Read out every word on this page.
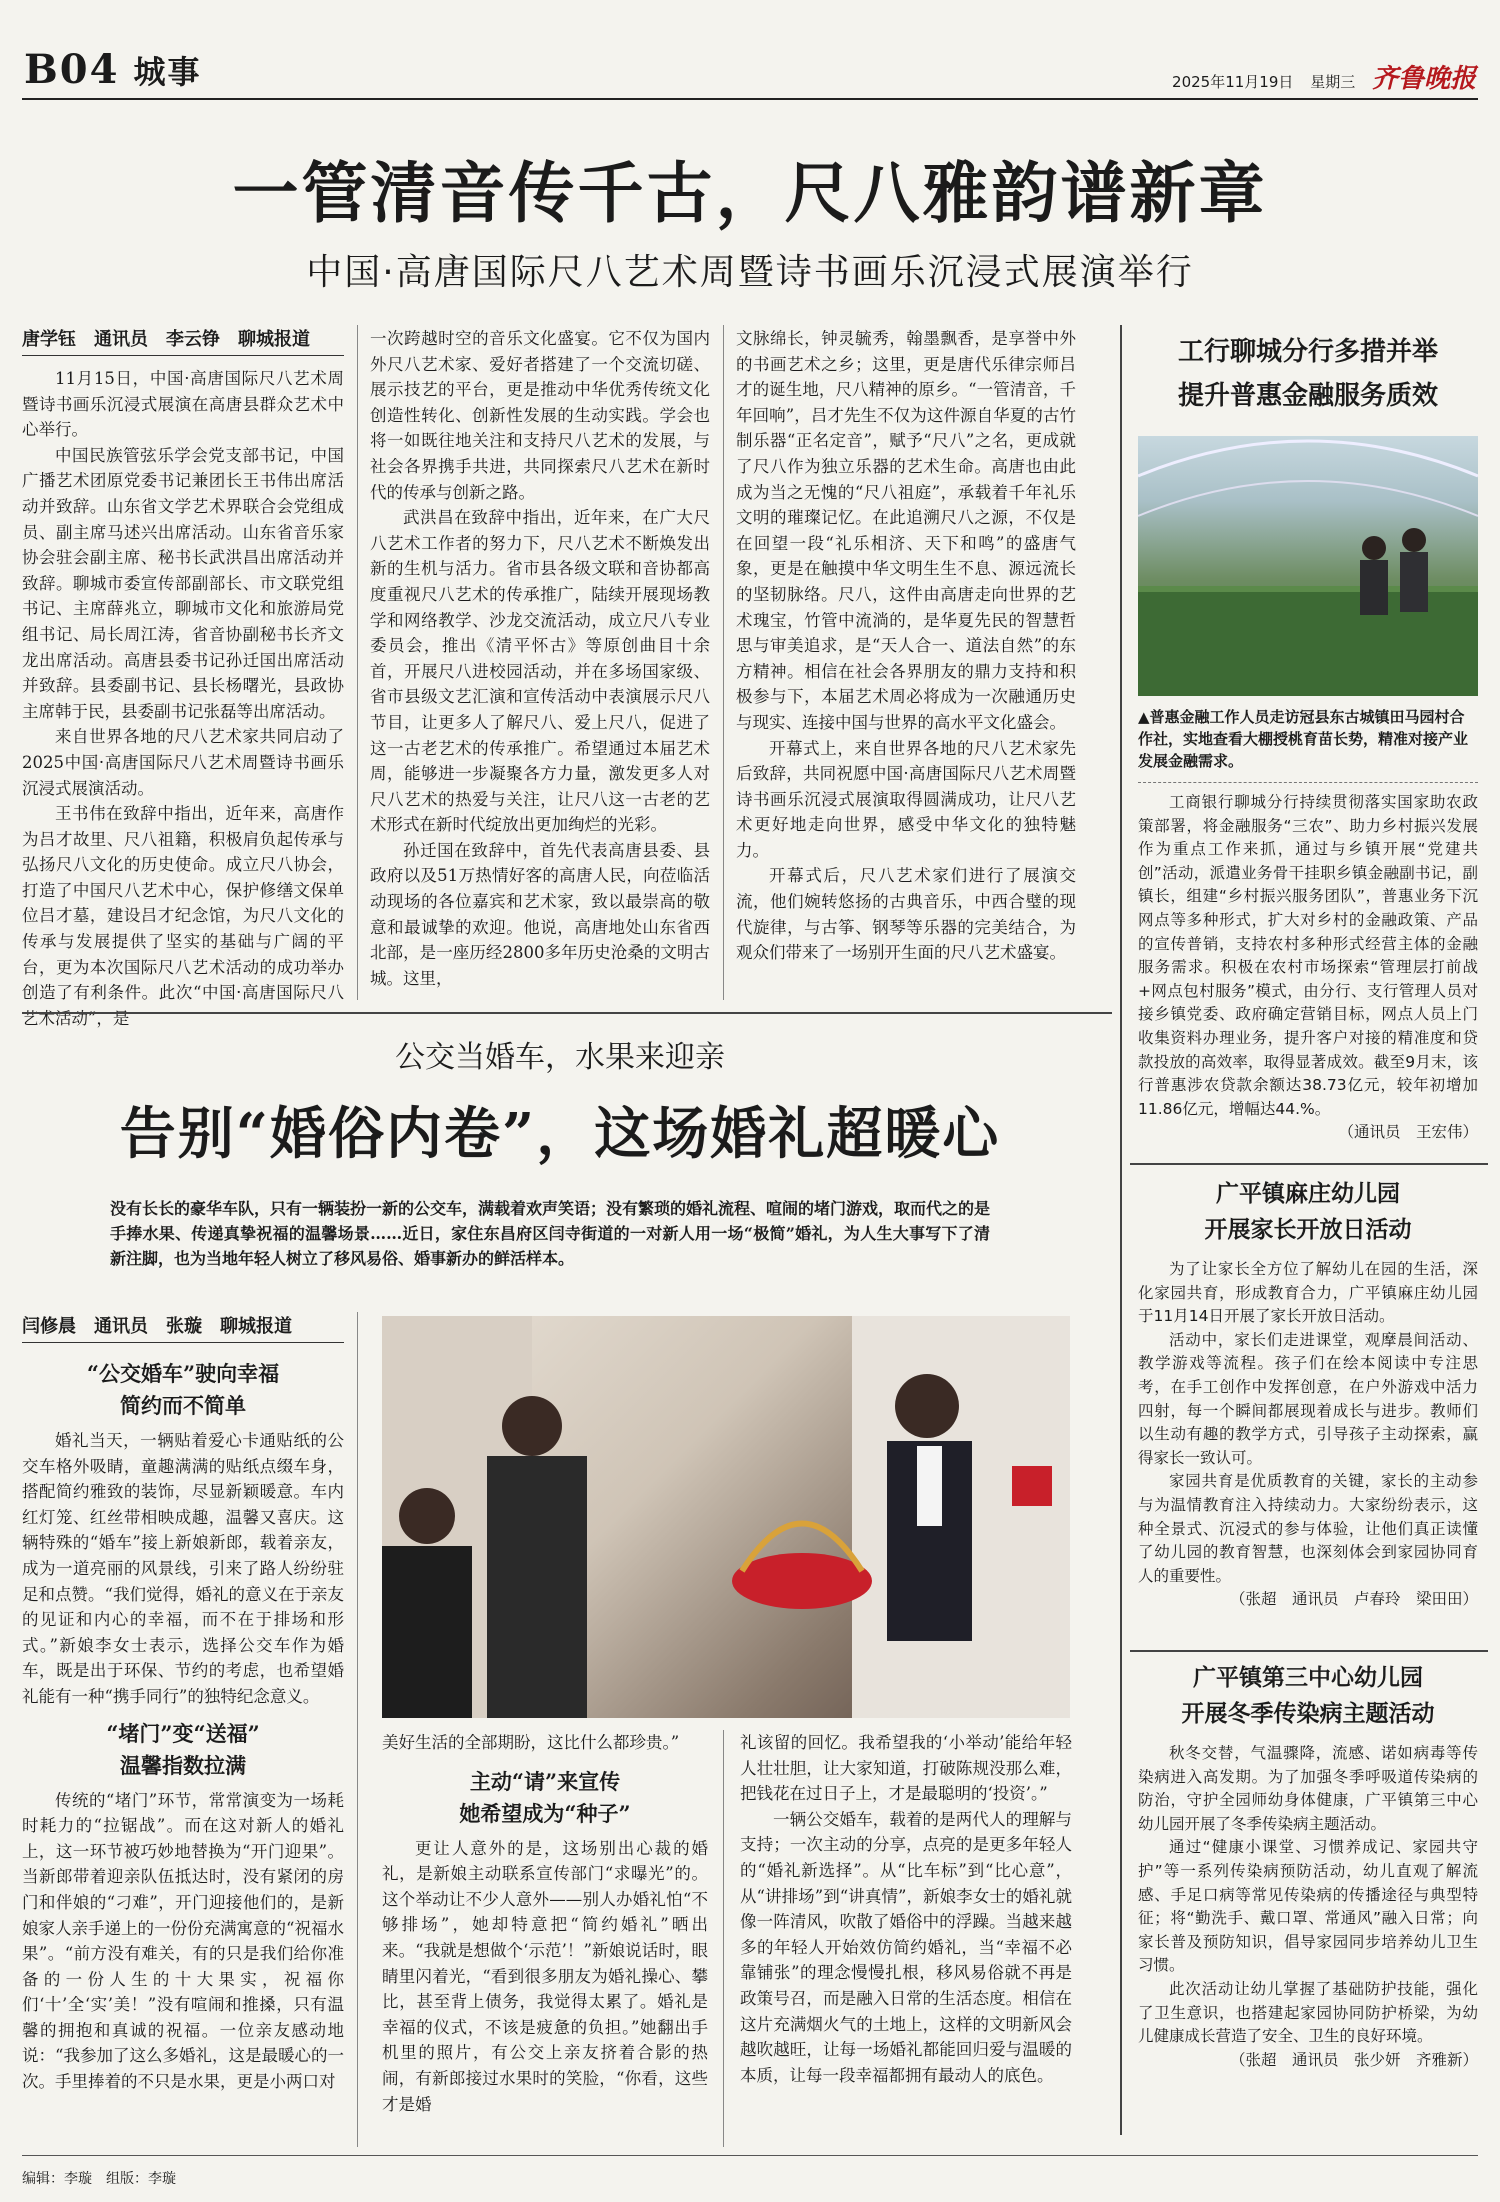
B04 城事	2025年11月19日 星期三 齐鲁晚报
一管清音传千古，尺八雅韵谱新章
中国·高唐国际尺八艺术周暨诗书画乐沉浸式展演举行
唐学钰　通讯员　李云铮　聊城报道

11月15日，中国·高唐国际尺八艺术周暨诗书画乐沉浸式展演在高唐县群众艺术中心举行。

中国民族管弦乐学会党支部书记，中国广播艺术团原党委书记兼团长王书伟出席活动并致辞。山东省文学艺术界联合会党组成员、副主席马述兴出席活动。山东省音乐家协会驻会副主席、秘书长武洪昌出席活动并致辞。聊城市委宣传部副部长、市文联党组书记、主席薛兆立，聊城市文化和旅游局党组书记、局长周江涛，省音协副秘书长齐文龙出席活动。高唐县委书记孙迁国出席活动并致辞。县委副书记、县长杨曙光，县政协主席韩于民，县委副书记张磊等出席活动。

来自世界各地的尺八艺术家共同启动了2025中国·高唐国际尺八艺术周暨诗书画乐沉浸式展演活动。

王书伟在致辞中指出，近年来，高唐作为吕才故里、尺八祖籍，积极肩负起传承与弘扬尺八文化的历史使命。成立尺八协会，打造了中国尺八艺术中心，保护修缮文保单位吕才墓，建设吕才纪念馆，为尺八文化的传承与发展提供了坚实的基础与广阔的平台，更为本次国际尺八艺术活动的成功举办创造了有利条件。此次“中国·高唐国际尺八艺术活动”，是

一次跨越时空的音乐文化盛宴。它不仅为国内外尺八艺术家、爱好者搭建了一个交流切磋、展示技艺的平台，更是推动中华优秀传统文化创造性转化、创新性发展的生动实践。学会也将一如既往地关注和支持尺八艺术的发展，与社会各界携手共进，共同探索尺八艺术在新时代的传承与创新之路。

武洪昌在致辞中指出，近年来，在广大尺八艺术工作者的努力下，尺八艺术不断焕发出新的生机与活力。省市县各级文联和音协都高度重视尺八艺术的传承推广，陆续开展现场教学和网络教学、沙龙交流活动，成立尺八专业委员会，推出《清平怀古》等原创曲目十余首，开展尺八进校园活动，并在多场国家级、省市县级文艺汇演和宣传活动中表演展示尺八节目，让更多人了解尺八、爱上尺八，促进了这一古老艺术的传承推广。希望通过本届艺术周，能够进一步凝聚各方力量，激发更多人对尺八艺术的热爱与关注，让尺八这一古老的艺术形式在新时代绽放出更加绚烂的光彩。

孙迁国在致辞中，首先代表高唐县委、县政府以及51万热情好客的高唐人民，向莅临活动现场的各位嘉宾和艺术家，致以最崇高的敬意和最诚挚的欢迎。他说，高唐地处山东省西北部，是一座历经2800多年历史沧桑的文明古城。这里，

文脉绵长，钟灵毓秀，翰墨飘香，是享誉中外的书画艺术之乡；这里，更是唐代乐律宗师吕才的诞生地，尺八精神的原乡。“一管清音，千年回响”，吕才先生不仅为这件源自华夏的古竹制乐器“正名定音”，赋予“尺八”之名，更成就了尺八作为独立乐器的艺术生命。高唐也由此成为当之无愧的“尺八祖庭”，承载着千年礼乐文明的璀璨记忆。在此追溯尺八之源，不仅是在回望一段“礼乐相济、天下和鸣”的盛唐气象，更是在触摸中华文明生生不息、源远流长的坚韧脉络。尺八，这件由高唐走向世界的艺术瑰宝，竹管中流淌的，是华夏先民的智慧哲思与审美追求，是“天人合一、道法自然”的东方精神。相信在社会各界朋友的鼎力支持和积极参与下，本届艺术周必将成为一次融通历史与现实、连接中国与世界的高水平文化盛会。

开幕式上，来自世界各地的尺八艺术家先后致辞，共同祝愿中国·高唐国际尺八艺术周暨诗书画乐沉浸式展演取得圆满成功，让尺八艺术更好地走向世界，感受中华文化的独特魅力。

开幕式后，尺八艺术家们进行了展演交流，他们婉转悠扬的古典音乐，中西合璧的现代旋律，与古筝、钢琴等乐器的完美结合，为观众们带来了一场别开生面的尺八艺术盛宴。

工行聊城分行多措并举
提升普惠金融服务质效
▲普惠金融工作人员走访冠县东古城镇田马园村合作社，实地查看大棚授桃育苗长势，精准对接产业发展金融需求。

工商银行聊城分行持续贯彻落实国家助农政策部署，将金融服务“三农”、助力乡村振兴发展作为重点工作来抓，通过与乡镇开展“党建共创”活动，派遣业务骨干挂职乡镇金融副书记，副镇长，组建“乡村振兴服务团队”，普惠业务下沉网点等多种形式，扩大对乡村的金融政策、产品的宣传普销，支持农村多种形式经营主体的金融服务需求。积极在农村市场探索“管理层打前战+网点包村服务”模式，由分行、支行管理人员对接乡镇党委、政府确定营销目标，网点人员上门收集资料办理业务，提升客户对接的精准度和贷款投放的高效率，取得显著成效。截至9月末，该行普惠涉农贷款余额达38.73亿元，较年初增加11.86亿元，增幅达44.%。

（通讯员　王宏伟）
广平镇麻庄幼儿园
开展家长开放日活动

为了让家长全方位了解幼儿在园的生活，深化家园共育，形成教育合力，广平镇麻庄幼儿园于11月14日开展了家长开放日活动。

活动中，家长们走进课堂，观摩晨间活动、教学游戏等流程。孩子们在绘本阅读中专注思考，在手工创作中发挥创意，在户外游戏中活力四射，每一个瞬间都展现着成长与进步。教师们以生动有趣的教学方式，引导孩子主动探索，赢得家长一致认可。

家园共育是优质教育的关键，家长的主动参与为温情教育注入持续动力。大家纷纷表示，这种全景式、沉浸式的参与体验，让他们真正读懂了幼儿园的教育智慧，也深刻体会到家园协同育人的重要性。

（张超　通讯员　卢春玲　梁田田）
广平镇第三中心幼儿园
开展冬季传染病主题活动

秋冬交替，气温骤降，流感、诺如病毒等传染病进入高发期。为了加强冬季呼吸道传染病的防治，守护全园师幼身体健康，广平镇第三中心幼儿园开展了冬季传染病主题活动。

通过“健康小课堂、习惯养成记、家园共守护”等一系列传染病预防活动，幼儿直观了解流感、手足口病等常见传染病的传播途径与典型特征；将“勤洗手、戴口罩、常通风”融入日常；向家长普及预防知识，倡导家园同步培养幼儿卫生习惯。

此次活动让幼儿掌握了基础防护技能，强化了卫生意识，也搭建起家园协同防护桥梁，为幼儿健康成长营造了安全、卫生的良好环境。

（张超　通讯员　张少妍　齐雅新）
公交当婚车，水果来迎亲
告别“婚俗内卷”，这场婚礼超暖心
没有长长的豪华车队，只有一辆装扮一新的公交车，满载着欢声笑语；没有繁琐的婚礼流程、喧闹的堵门游戏，取而代之的是手捧水果、传递真挚祝福的温馨场景……近日，家住东昌府区闫寺街道的一对新人用一场“极简”婚礼，为人生大事写下了清新注脚，也为当地年轻人树立了移风易俗、婚事新办的鲜活样本。
闫修晨　通讯员　张璇　聊城报道
“公交婚车”驶向幸福
简约而不简单

婚礼当天，一辆贴着爱心卡通贴纸的公交车格外吸睛，童趣满满的贴纸点缀车身，搭配简约雅致的装饰，尽显新颖暖意。车内红灯笼、红丝带相映成趣，温馨又喜庆。这辆特殊的“婚车”接上新娘新郎，载着亲友，成为一道亮丽的风景线，引来了路人纷纷驻足和点赞。“我们觉得，婚礼的意义在于亲友的见证和内心的幸福，而不在于排场和形式。”新娘李女士表示，选择公交车作为婚车，既是出于环保、节约的考虑，也希望婚礼能有一种“携手同行”的独特纪念意义。

“堵门”变“送福”
温馨指数拉满

传统的“堵门”环节，常常演变为一场耗时耗力的“拉锯战”。而在这对新人的婚礼上，这一环节被巧妙地替换为“开门迎果”。当新郎带着迎亲队伍抵达时，没有紧闭的房门和伴娘的“刁难”，开门迎接他们的，是新娘家人亲手递上的一份份充满寓意的“祝福水果”。“前方没有难关，有的只是我们给你准备的一份人生的十大果实，祝福你们‘十’全‘实’美！”没有喧闹和推搡，只有温馨的拥抱和真诚的祝福。一位亲友感动地说：“我参加了这么多婚礼，这是最暖心的一次。手里捧着的不只是水果，更是小两口对

美好生活的全部期盼，这比什么都珍贵。”

主动“请”来宣传
她希望成为“种子”

更让人意外的是，这场别出心裁的婚礼，是新娘主动联系宣传部门“求曝光”的。这个举动让不少人意外——别人办婚礼怕“不够排场”，她却特意把“简约婚礼”晒出来。“我就是想做个‘示范’！”新娘说话时，眼睛里闪着光，“看到很多朋友为婚礼操心、攀比，甚至背上债务，我觉得太累了。婚礼是幸福的仪式，不该是疲惫的负担。”她翻出手机里的照片，有公交上亲友挤着合影的热闹，有新郎接过水果时的笑脸，“你看，这些才是婚

礼该留的回忆。我希望我的‘小举动’能给年轻人壮壮胆，让大家知道，打破陈规没那么难，把钱花在过日子上，才是最聪明的‘投资’。”

一辆公交婚车，载着的是两代人的理解与支持；一次主动的分享，点亮的是更多年轻人的“婚礼新选择”。从“比车标”到“比心意”，从“讲排场”到“讲真情”，新娘李女士的婚礼就像一阵清风，吹散了婚俗中的浮躁。当越来越多的年轻人开始效仿简约婚礼，当“幸福不必靠铺张”的理念慢慢扎根，移风易俗就不再是政策号召，而是融入日常的生活态度。相信在这片充满烟火气的土地上，这样的文明新风会越吹越旺，让每一场婚礼都能回归爱与温暖的本质，让每一段幸福都拥有最动人的底色。

编辑：李璇　组版：李璇
